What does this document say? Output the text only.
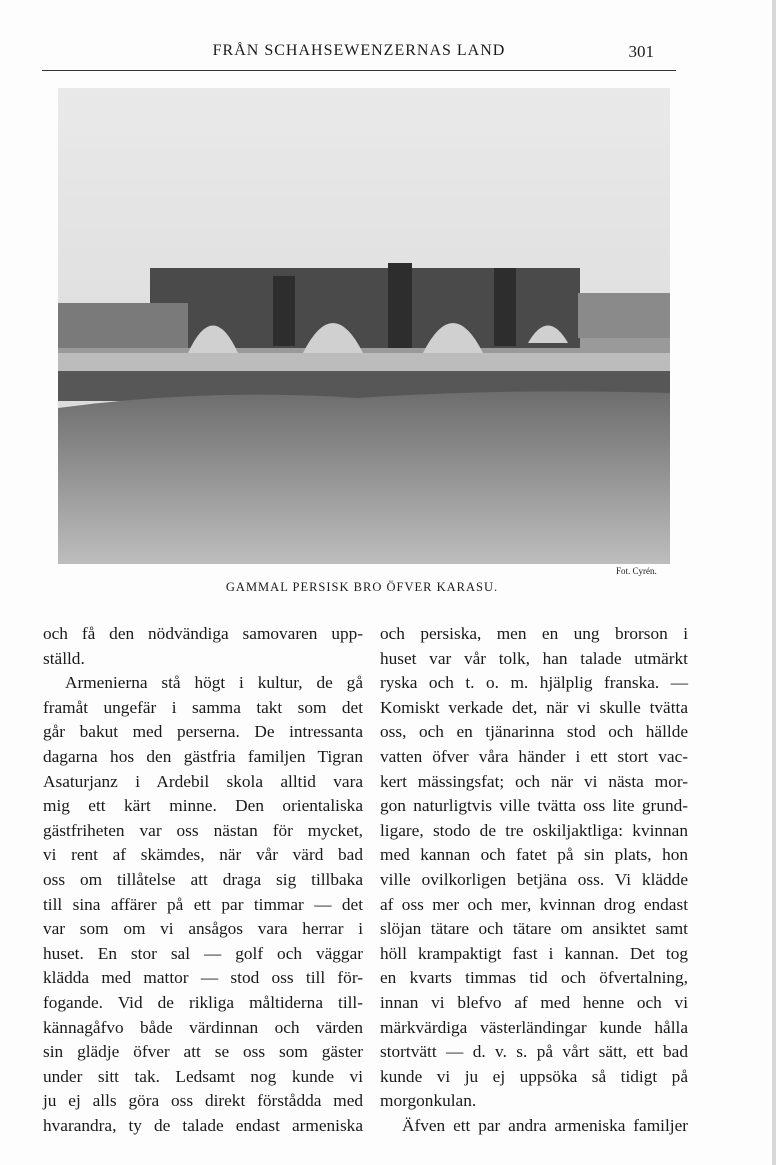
FRÅN SCHAHSEWENZERNAS LAND	301
Fot. Cyrén.
GAMMAL PERSISK BRO ÖFVER KARASU.
och få den nödvändiga samovaren upp-
ställd.
Armenierna stå högt i kultur, de gå
framåt ungefär i samma takt som det
går bakut med perserna. De intressanta
dagarna hos den gästfria familjen Tigran
Asaturjanz i Ardebil skola alltid vara
mig ett kärt minne. Den orientaliska
gästfriheten var oss nästan för mycket,
vi rent af skämdes, när vår värd bad
oss om tillåtelse att draga sig tillbaka
till sina affärer på ett par timmar — det
var som om vi ansågos vara herrar i
huset. En stor sal — golf och väggar
klädda med mattor — stod oss till för-
fogande. Vid de rikliga måltiderna till-
kännagåfvo både värdinnan och värden
sin glädje öfver att se oss som gäster
under sitt tak. Ledsamt nog kunde vi
ju ej alls göra oss direkt förstådda med
hvarandra, ty de talade endast armeniska
och persiska, men en ung brorson i
huset var vår tolk, han talade utmärkt
ryska och t. o. m. hjälplig franska. —
Komiskt verkade det, när vi skulle tvätta
oss, och en tjänarinna stod och hällde
vatten öfver våra händer i ett stort vac-
kert mässingsfat; och när vi nästa mor-
gon naturligtvis ville tvätta oss lite grund-
ligare, stodo de tre oskiljaktliga: kvinnan
med kannan och fatet på sin plats, hon
ville ovilkorligen betjäna oss. Vi klädde
af oss mer och mer, kvinnan drog endast
slöjan tätare och tätare om ansiktet samt
höll krampaktigt fast i kannan. Det tog
en kvarts timmas tid och öfvertalning,
innan vi blefvo af med henne och vi
märkvärdiga västerländingar kunde hålla
stortvätt — d. v. s. på vårt sätt, ett bad
kunde vi ju ej uppsöka så tidigt på
morgonkulan.
Äfven ett par andra armeniska familjer
